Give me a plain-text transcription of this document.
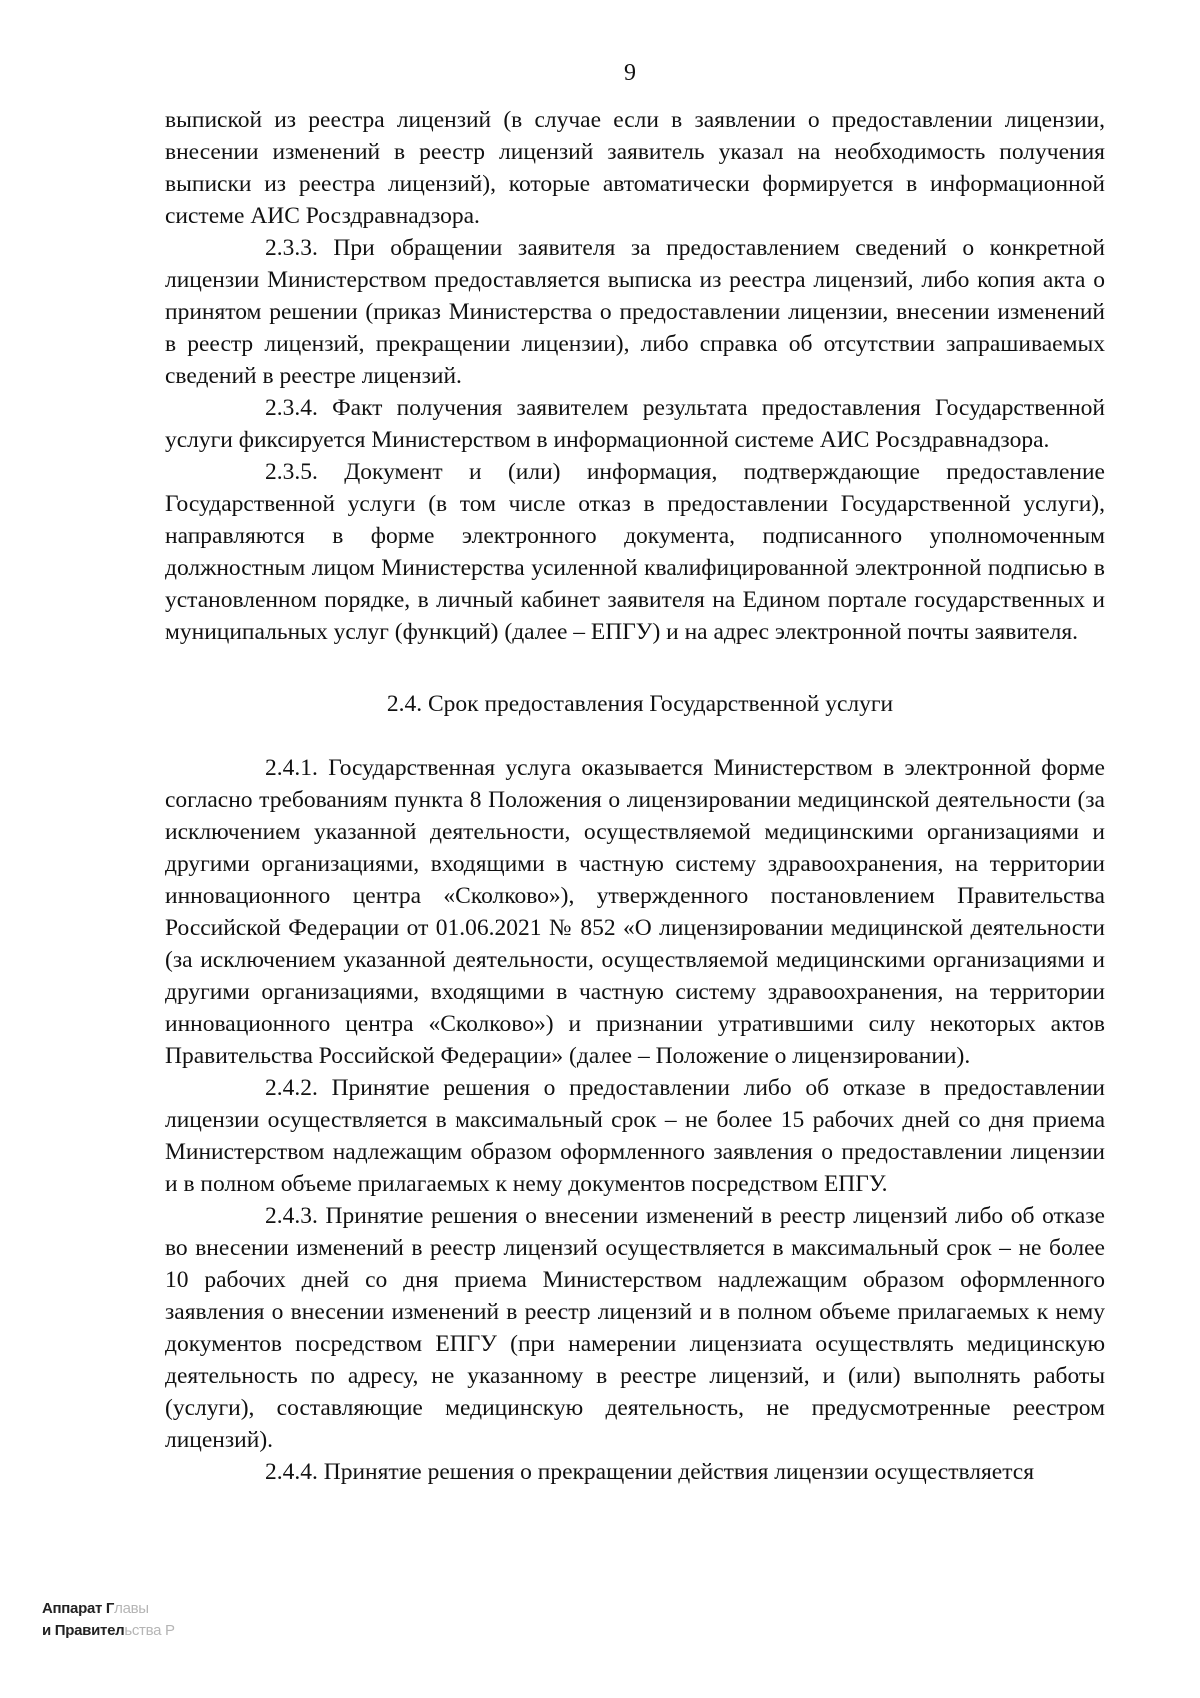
9

выпиской из реестра лицензий (в случае если в заявлении о предоставлении лицензии, внесении изменений в реестр лицензий заявитель указал на необходимость получения выписки из реестра лицензий), которые автоматически формируется в информационной системе АИС Росздравнадзора.

2.3.3. При обращении заявителя за предоставлением сведений о конкретной лицензии Министерством предоставляется выписка из реестра лицензий, либо копия акта о принятом решении (приказ Министерства о предоставлении лицензии, внесении изменений в реестр лицензий, прекращении лицензии), либо справка об отсутствии запрашиваемых сведений в реестре лицензий.

2.3.4. Факт получения заявителем результата предоставления Государственной услуги фиксируется Министерством в информационной системе АИС Росздравнадзора.

2.3.5. Документ и (или) информация, подтверждающие предоставление Государственной услуги (в том числе отказ в предоставлении Государственной услуги), направляются в форме электронного документа, подписанного уполномоченным должностным лицом Министерства усиленной квалифицированной электронной подписью в установленном порядке, в личный кабинет заявителя на Едином портале государственных и муниципальных услуг (функций) (далее – ЕПГУ) и на адрес электронной почты заявителя.

2.4. Срок предоставления Государственной услуги

2.4.1. Государственная услуга оказывается Министерством в электронной форме согласно требованиям пункта 8 Положения о лицензировании медицинской деятельности (за исключением указанной деятельности, осуществляемой медицинскими организациями и другими организациями, входящими в частную систему здравоохранения, на территории инновационного центра «Сколково»), утвержденного постановлением Правительства Российской Федерации от 01.06.2021 № 852 «О лицензировании медицинской деятельности (за исключением указанной деятельности, осуществляемой медицинскими организациями и другими организациями, входящими в частную систему здравоохранения, на территории инновационного центра «Сколково») и признании утратившими силу некоторых актов Правительства Российской Федерации» (далее – Положение о лицензировании).

2.4.2. Принятие решения о предоставлении либо об отказе в предоставлении лицензии осуществляется в максимальный срок – не более 15 рабочих дней со дня приема Министерством надлежащим образом оформленного заявления о предоставлении лицензии и в полном объеме прилагаемых к нему документов посредством ЕПГУ.

2.4.3. Принятие решения о внесении изменений в реестр лицензий либо об отказе во внесении изменений в реестр лицензий осуществляется в максимальный срок – не более 10 рабочих дней со дня приема Министерством надлежащим образом оформленного заявления о внесении изменений в реестр лицензий и в полном объеме прилагаемых к нему документов посредством ЕПГУ (при намерении лицензиата осуществлять медицинскую деятельность по адресу, не указанному в реестре лицензий, и (или) выполнять работы (услуги), составляющие медицинскую деятельность, не предусмотренные реестром лицензий).

2.4.4. Принятие решения о прекращении действия лицензии осуществляется

Аппарат Главы
и Правительства Р
